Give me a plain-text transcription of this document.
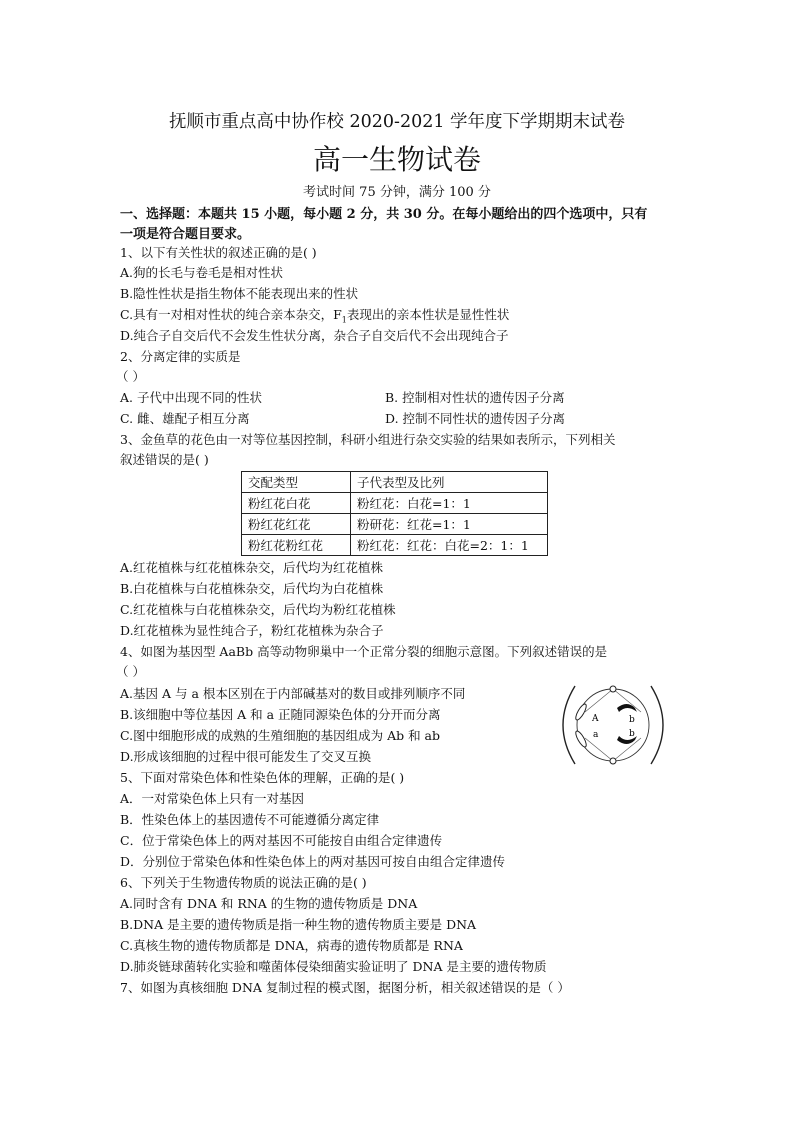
抚顺市重点高中协作校 2020-2021 学年度下学期期末试卷
高一生物试卷
考试时间 75 分钟，满分 100 分
一、选择题：本题共 15 小题，每小题 2 分，共 30 分。在每小题给出的四个选项中，只有
一项是符合题目要求。
1、以下有关性状的叙述正确的是( )
A.狗的长毛与卷毛是相对性状
B.隐性性状是指生物体不能表现出来的性状
C.具有一对相对性状的纯合亲本杂交，$F_1$表现出的亲本性状是显性性状
D.纯合子自交后代不会发生性状分离，杂合子自交后代不会出现纯合子
2、分离定律的实质是
（ ）
A. 子代中出现不同的性状	B. 控制相对性状的遗传因子分离
C. 雌、雄配子相互分离	D. 控制不同性状的遗传因子分离
3、金鱼草的花色由一对等位基因控制，科研小组进行杂交实验的结果如表所示，下列相关
叙述错误的是( )
交配类型	子代表型及比列
粉红花白花	粉红花：白花=1：1
粉红花红花	粉研花：红花=1：1
粉红花粉红花	粉红花：红花：白花=2：1：1
A.红花植株与红花植株杂交，后代均为红花植株
B.白花植株与白花植株杂交，后代均为白花植株
C.红花植株与白花植株杂交，后代均为粉红花植株
D.红花植株为显性纯合子，粉红花植株为杂合子
4、如图为基因型 AaBb 高等动物卵巢中一个正常分裂的细胞示意图。下列叙述错误的是
（ ）
A.基因 A 与 a 根本区别在于内部碱基对的数目或排列顺序不同
B.该细胞中等位基因 A 和 a 正随同源染色体的分开而分离
C.图中细胞形成的成熟的生殖细胞的基因组成为 Ab 和 ab
D.形成该细胞的过程中很可能发生了交叉互换
A
a
b
b
5、下面对常染色体和性染色体的理解，正确的是( )
A．一对常染色体上只有一对基因
B．性染色体上的基因遗传不可能遵循分离定律
C．位于常染色体上的两对基因不可能按自由组合定律遗传
D．分别位于常染色体和性染色体上的两对基因可按自由组合定律遗传
6、下列关于生物遗传物质的说法正确的是( )
A.同时含有 DNA 和 RNA 的生物的遗传物质是 DNA
B.DNA 是主要的遗传物质是指一种生物的遗传物质主要是 DNA
C.真核生物的遗传物质都是 DNA，病毒的遗传物质都是 RNA
D.肺炎链球菌转化实验和噬菌体侵染细菌实验证明了 DNA 是主要的遗传物质
7、如图为真核细胞 DNA 复制过程的模式图，据图分析，相关叙述错误的是（ ）
